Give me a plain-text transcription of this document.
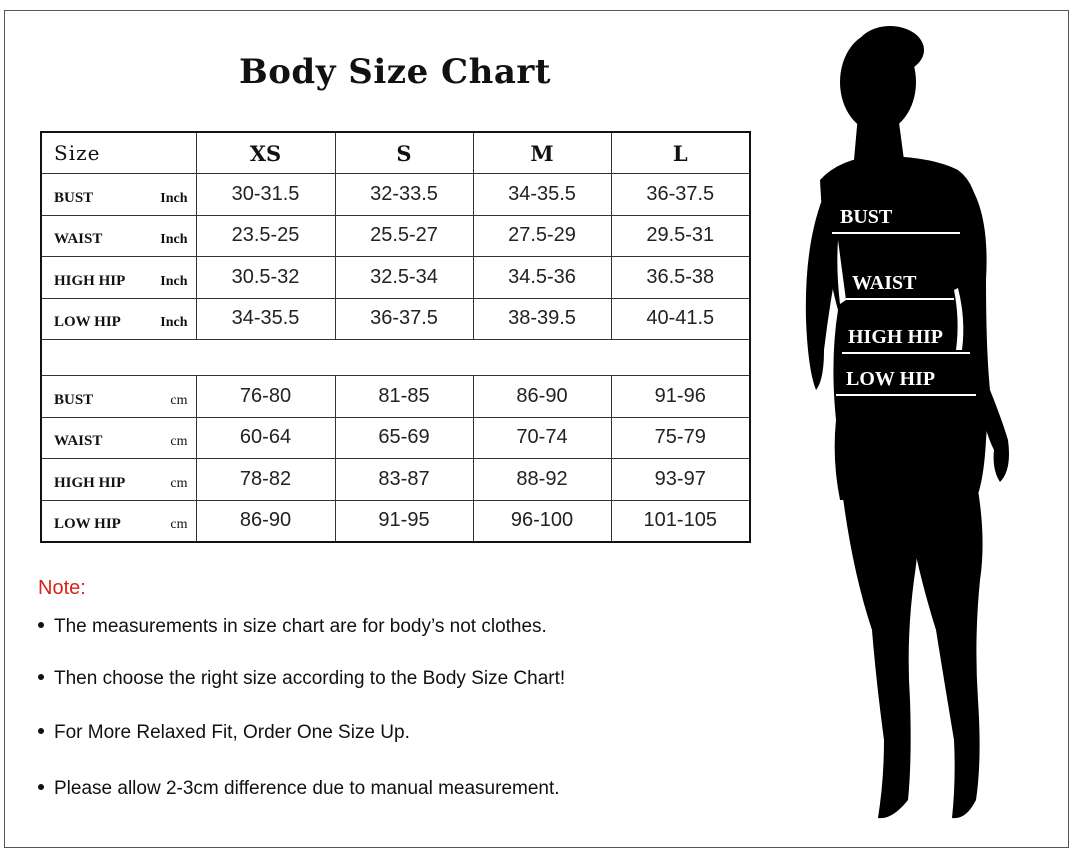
Body Size Chart
Size	XS	S	M	L

BUST Inch	30-31.5	32-33.5	34-35.5	36-37.5

WAIST Inch	23.5-25	25.5-27	27.5-29	29.5-31

HIGH HIP Inch	30.5-32	32.5-34	34.5-36	36.5-38

LOW HIP Inch	34-35.5	36-37.5	38-39.5	40-41.5

BUST cm	76-80	81-85	86-90	91-96

WAIST cm	60-64	65-69	70-74	75-79

HIGH HIP cm	78-82	83-87	88-92	93-97

LOW HIP cm	86-90	91-95	96-100	101-105
Note:
The measurements in size chart are for body’s not clothes.
Then choose the right size according to the Body Size Chart!
For More Relaxed Fit, Order One Size Up.
Please allow 2-3cm difference due to manual measurement.
BUST
WAIST
HIGH HIP
LOW HIP
